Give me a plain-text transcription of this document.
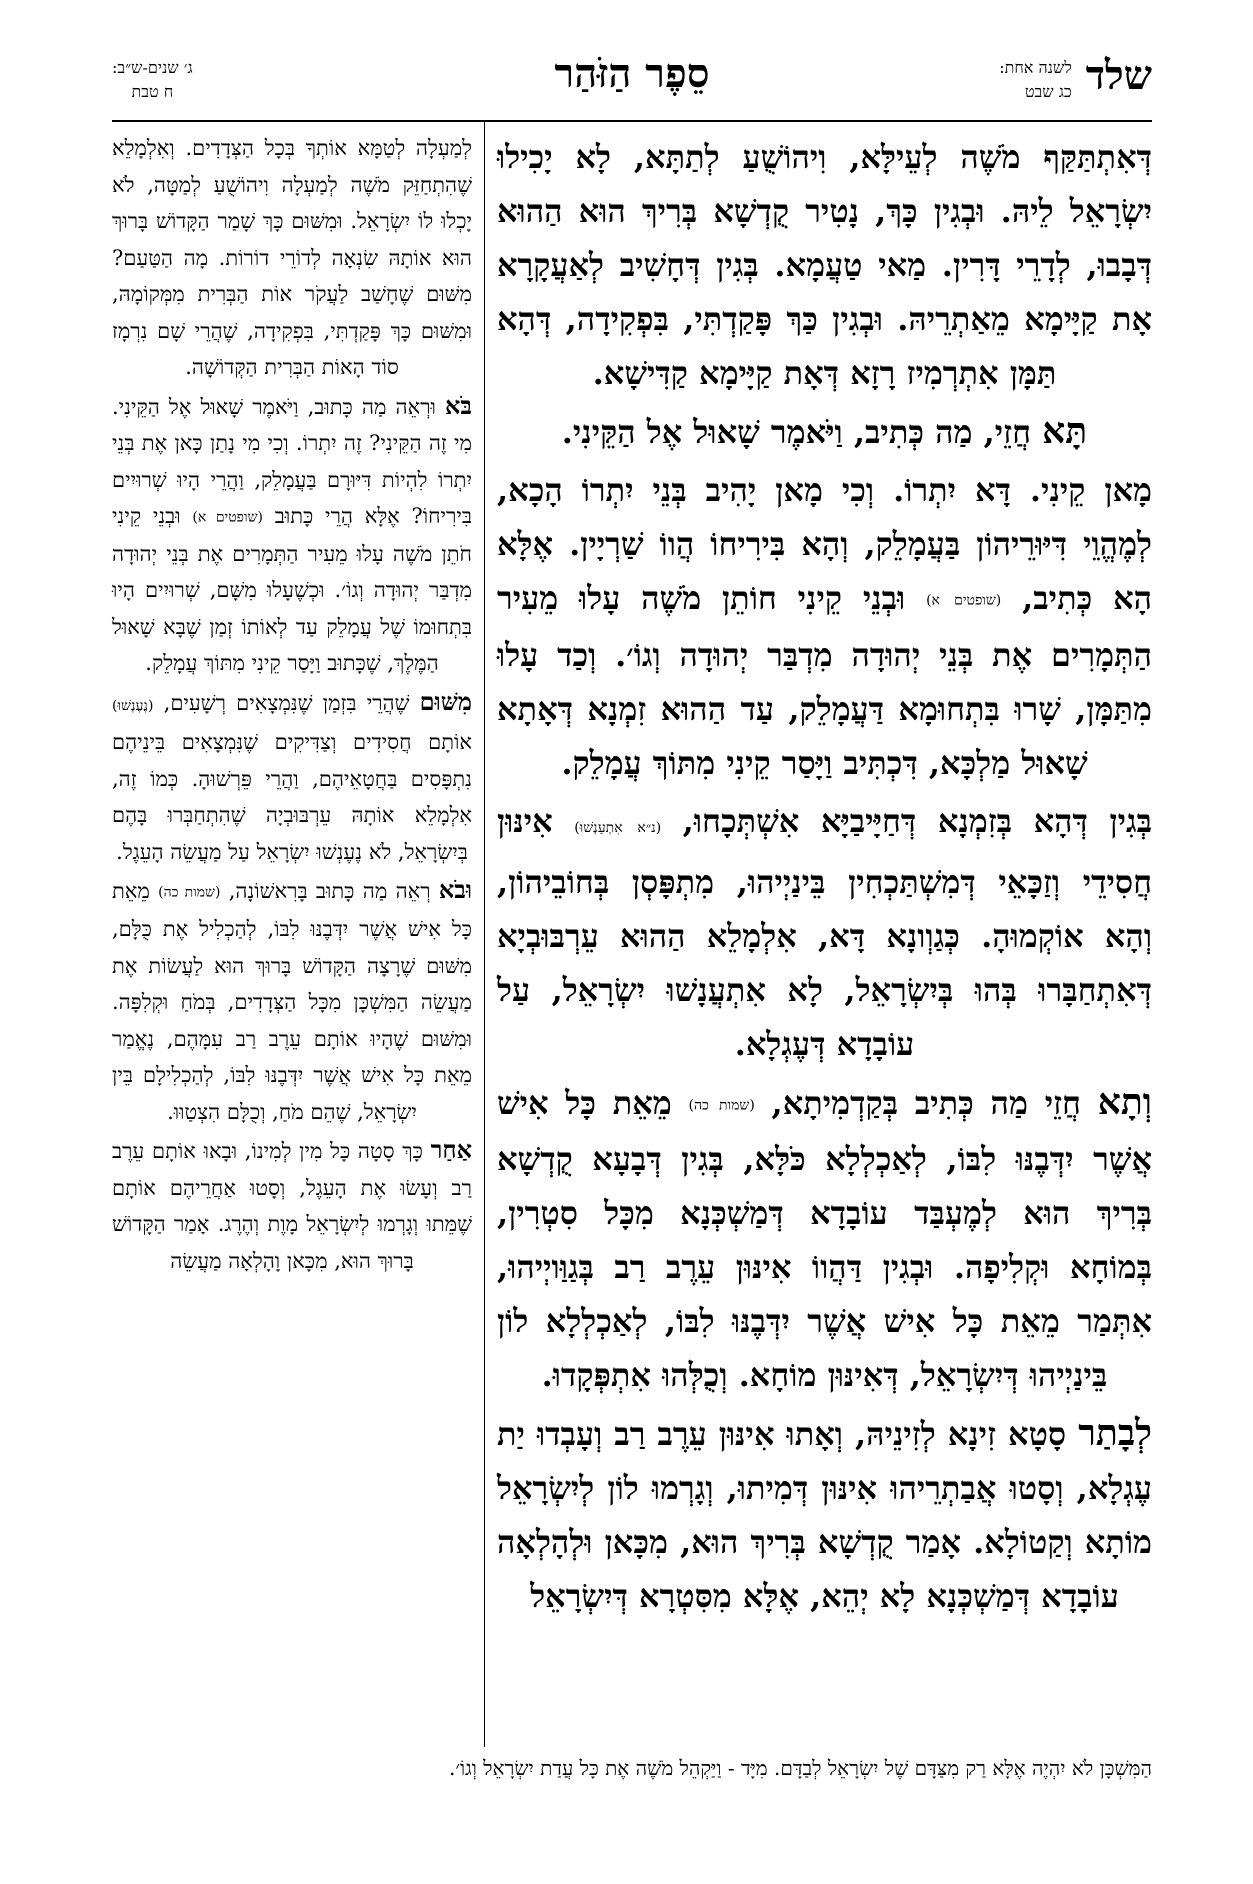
שלד
לשנה אחת:
כג שבט
סֵפֶר הַזֹּהַר
ג׳ שנים-ש״ב:
ח טבת

דְּאִתְתַּקַּף מֹשֶׁה לְעֵילָּא, וִיהוֹשֻׁעַ לְתַתָּא, לָא יָכִילוּ יִשְׂרָאֵל לֵיהּ. וּבְגִין כָּךְ, נָטִיר קֻדְשָׁא בְּרִיךְ הוּא הַהוּא דְּבָבוּ, לְדָרֵי דָּרִין. מַאי טַעֲמָא. בְּגִין דְּחָשִׁיב לְאַעֲקָרָא אָת קַיָּימָא מֵאַתְרֵיהּ. וּבְגִין כַּךְ פָּקַדְתִּי, בִּפְקִידָה, דְּהָא תַּמָּן אִתְרְמִיז רָזָא דְּאָת קַיָּימָא קַדִּישָׁא.

תָּא חֲזֵי, מַה כְּתִיב, וַיֹּאמֶר שָׁאוּל אֶל הַקֵּינִי.

מָאן קֵינִי. דָּא יִתְרוֹ. וְכִי מָאן יָהִיב בְּנֵי יִתְרוֹ הָכָא, לְמֶהֱוֵי דִּיּוּרֵיהוֹן בַּעֲמָלֵק, וְהָא בִּירִיחוֹ הֲווֹ שַׁרְיָין. אֶלָּא הָא כְּתִיב, (שופטים א) וּבְנֵי קֵינִי חוֹתֵן מֹשֶׁה עָלוּ מֵעִיר הַתְּמָרִים אֶת בְּנֵי יְהוּדָה מִדְבַּר יְהוּדָה וְגוֹ׳. וְכַד עָלוּ מִתַּמָּן, שָׁרוּ בִּתְחוּמָא דַּעֲמָלֵק, עַד הַהוּא זִמְנָא דְּאָתָא שָׁאוּל מַלְכָּא, דִּכְתִּיב וַיָּסַר קֵינִי מִתּוֹךְ עֲמָלֵק.

בְּגִין דְּהָא בְּזִמְנָא דְּחַיָּיבַיָּא אִשְׁתְּכָחוּ, (נ״א אִתְעַנְשׁוּ) אִינּוּן חֲסִידֵי וְזַכָּאֵי דְּמִשְׁתַּכְחִין בֵּינַיְיהוּ, מִתְפָּסְן בְּחוֹבֵיהוֹן, וְהָא אוֹקְמוּהָ. כְּגַוְונָא דָּא, אִלְמָלֵא הַהוּא עֵרְבּוּבְיָא דְּאִתְחַבָּרוּ בְּהוּ בְּיִשְׂרָאֵל, לָא אִתְעֲנָשׁוּ יִשְׂרָאֵל, עַל עוֹבָדָא דְּעֶגְלָא.

וְתָא חֲזֵי מַה כְּתִיב בְּקַדְמִיתָא, (שמות כה) מֵאֵת כָּל אִישׁ אֲשֶׁר יִדְּבֶנּוּ לִבּוֹ, לְאַכְלְלָא כֹּלָּא, בְּגִין דְּבָעָא קֻדְשָׁא בְּרִיךְ הוּא לְמֶעְבַּד עוֹבָדָא דְּמַשְׁכְּנָא מִכָּל סִטְרִין, בְּמוֹחָא וּקְלִיפָה. וּבְגִין דַּהֲווֹ אִינּוּן עֵרֶב רַב בְּגַוַּויְיהוּ, אִתְּמַר מֵאֵת כָּל אִישׁ אֲשֶׁר יִדְּבֶנּוּ לִבּוֹ, לְאַכְלְלָא לוֹן בֵּינַיְיהוּ דְּיִשְׂרָאֵל, דְּאִינּוּן מוֹחָא. וְכֻלְּהוּ אִתְפְּקָדוּ.

לְבָתַר סָטָא זִינָא לְזִינֵיהּ, וְאָתוּ אִינּוּן עֵרֶב רַב וְעָבְדוּ יַת עֶגְלָא, וְסָטוּ אֲבַתְרֵיהוּ אִינּוּן דְּמִיתוּ, וְגָרְמוּ לוֹן לְיִשְׂרָאֵל מוֹתָא וְקַטוֹלָא. אָמַר קֻדְשָׁא בְּרִיךְ הוּא, מִכָּאן וּלְהָלְאָה עוֹבָדָא דְּמַשְׁכְּנָא לָא יְהֵא, אֶלָּא מִסִּטְרָא דְּיִשְׂרָאֵל

לְמַעְלָה לְטַמָּא אוֹתְךָ בְּכָל הַצְּדָדִים. וְאִלְמָלֵא שֶׁהִתְחַזֵּק מֹשֶׁה לְמַעְלָה וִיהוֹשֻׁעַ לְמַטָּה, לֹא יָכְלוּ לוֹ יִשְׂרָאֵל. וּמִשּׁוּם כָּךְ שָׁמַר הַקָּדוֹשׁ בָּרוּךְ הוּא אוֹתָהּ שִׂנְאָה לְדוֹרֵי דוֹרוֹת. מָה הַטַּעַם? מִשּׁוּם שֶׁחָשַׁב לַעֲקֹר אוֹת הַבְּרִית מִמְּקוֹמָהּ, וּמִשּׁוּם כָּךְ פָּקַדְתִּי, בִּפְקִידָה, שֶׁהֲרֵי שָׁם נִרְמָז סוֹד הָאוֹת הַבְּרִית הַקְּדוֹשָׁה.

בֹּא וּרְאֵה מַה כָּתוּב, וַיֹּאמֶר שָׁאוּל אֶל הַקֵּינִי. מִי זֶה הַקֵּינִי? זֶה יִתְרוֹ. וְכִי מִי נָתַן כָּאן אֶת בְּנֵי יִתְרוֹ לִהְיוֹת דִּיּוּרָם בַּעֲמָלֵק, וַהֲרֵי הָיוּ שְׁרוּיִים בִּירִיחוֹ? אֶלָּא הֲרֵי כָּתוּב (שופטים א) וּבְנֵי קֵינִי חֹתֵן מֹשֶׁה עָלוּ מֵעִיר הַתְּמָרִים אֶת בְּנֵי יְהוּדָה מִדְבַּר יְהוּדָה וְגוֹ׳. וּכְשֶׁעָלוּ מִשָּׁם, שְׁרוּיִים הָיוּ בִּתְחוּמוֹ שֶׁל עֲמָלֵק עַד לְאוֹתוֹ זְמַן שֶׁבָּא שָׁאוּל הַמֶּלֶךְ, שֶׁכָּתוּב וַיָּסַר קֵינִי מִתּוֹךְ עֲמָלֵק.

מִשּׁוּם שֶׁהֲרֵי בִּזְמַן שֶׁנִּמְצָאִים רְשָׁעִים, (נֶעֶנְשׁוּ) אוֹתָם חֲסִידִים וְצַדִּיקִים שֶׁנִּמְצָאִים בֵּינֵיהֶם נִתְפָּסִים בַּחֲטָאֵיהֶם, וַהֲרֵי פֵּרְשׁוּהָ. כְּמוֹ זֶה, אִלְמָלֵא אוֹתָהּ עֵרְבּוּבְיָה שֶׁהִתְחַבְּרוּ בָּהֶם בְּיִשְׂרָאֵל, לֹא נֶעֶנְשׁוּ יִשְׂרָאֵל עַל מַעֲשֵׂה הָעֵגֶל.

וּבֹא רְאֵה מַה כָּתוּב בָּרִאשׁוֹנָה, (שמות כה) מֵאֵת כָּל אִישׁ אֲשֶׁר יִדְּבֶנּוּ לִבּוֹ, לְהַכְלִיל אֶת כֻּלָּם, מִשּׁוּם שֶׁרָצָה הַקָּדוֹשׁ בָּרוּךְ הוּא לַעֲשׂוֹת אֶת מַעֲשֵׂה הַמִּשְׁכָּן מִכָּל הַצְּדָדִים, בְּמֹחַ וּקְלִפָּה. וּמִשּׁוּם שֶׁהָיוּ אוֹתָם עֵרֶב רַב עִמָּהֶם, נֶאֱמַר מֵאֵת כָּל אִישׁ אֲשֶׁר יִדְּבֶנּוּ לִבּוֹ, לְהַכְלִילָם בֵּין יִשְׂרָאֵל, שֶׁהֵם מֹחַ, וְכֻלָּם הִצְטַוּוּ.

אַחַר כָּךְ סָטָה כָּל מִין לְמִינוֹ, וּבָאוּ אוֹתָם עֵרֶב רַב וְעָשׂוּ אֶת הָעֵגֶל, וְסָטוּ אַחֲרֵיהֶם אוֹתָם שֶׁמֵּתוּ וְגָרְמוּ לְיִשְׂרָאֵל מָוֶת וְהֶרֶג. אָמַר הַקָּדוֹשׁ בָּרוּךְ הוּא, מִכָּאן וָהָלְאָה מַעֲשֵׂה

הַמִּשְׁכָּן לֹא יִהְיֶה אֶלָּא רַק מִצַּדָּם שֶׁל יִשְׂרָאֵל לְבַדָּם. מִיָּד - וַיַּקְהֵל מֹשֶׁה אֶת כָּל עֲדַת יִשְׂרָאֵל וְגוֹ׳.
